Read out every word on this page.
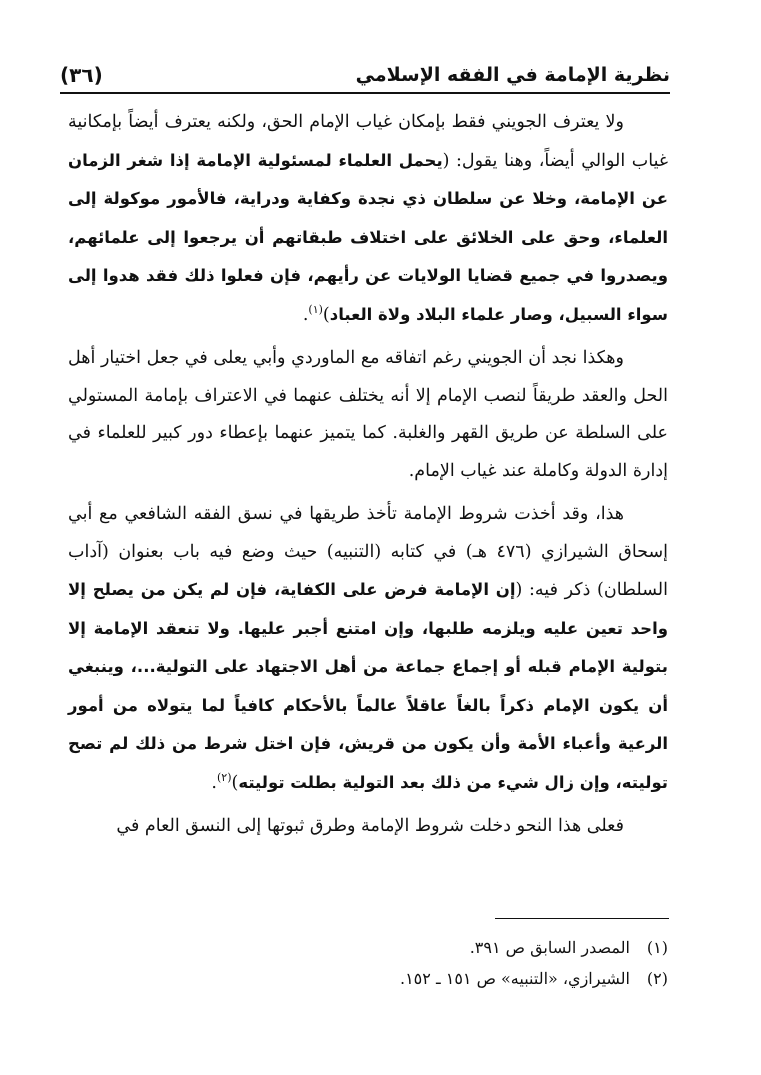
نظرية الإمامة في الفقه الإسلامي
(٣٦)

ولا يعترف الجويني فقط بإمكان غياب الإمام الحق، ولكنه يعترف أيضاً بإمكانية غياب الوالي أيضاً، وهنا يقول: (يحمل العلماء لمسئولية الإمامة إذا شغر الزمان عن الإمامة، وخلا عن سلطان ذي نجدة وكفاية ودراية، فالأمور موكولة إلى العلماء، وحق على الخلائق على اختلاف طبقاتهم أن يرجعوا إلى علمائهم، ويصدروا في جميع قضايا الولايات عن رأيهم، فإن فعلوا ذلك فقد هدوا إلى سواء السبيل، وصار علماء البلاد ولاة العباد)$^{(١)}$.

وهكذا نجد أن الجويني رغم اتفاقه مع الماوردي وأبي يعلى في جعل اختيار أهل الحل والعقد طريقاً لنصب الإمام إلا أنه يختلف عنهما في الاعتراف بإمامة المستولي على السلطة عن طريق القهر والغلبة. كما يتميز عنهما بإعطاء دور كبير للعلماء في إدارة الدولة وكاملة عند غياب الإمام.

هذا، وقد أخذت شروط الإمامة تأخذ طريقها في نسق الفقه الشافعي مع أبي إسحاق الشيرازي (٤٧٦ هـ) في كتابه (التنبيه) حيث وضع فيه باب بعنوان (آداب السلطان) ذكر فيه: (إن الإمامة فرض على الكفاية، فإن لم يكن من يصلح إلا واحد تعين عليه ويلزمه طلبها، وإن امتنع أجبر عليها. ولا تنعقد الإمامة إلا بتولية الإمام قبله أو إجماع جماعة من أهل الاجتهاد على التولية...، وينبغي أن يكون الإمام ذكراً بالغاً عاقلاً عالماً بالأحكام كافياً لما يتولاه من أمور الرعية وأعباء الأمة وأن يكون من قريش، فإن اختل شرط من ذلك لم تصح توليته، وإن زال شيء من ذلك بعد التولية بطلت توليته)$^{(٢)}$.

فعلى هذا النحو دخلت شروط الإمامة وطرق ثبوتها إلى النسق العام في

(١)
المصدر السابق ص ٣٩١.
(٢)
الشيرازي، «التنبيه» ص ١٥١ ـ ١٥٢.
